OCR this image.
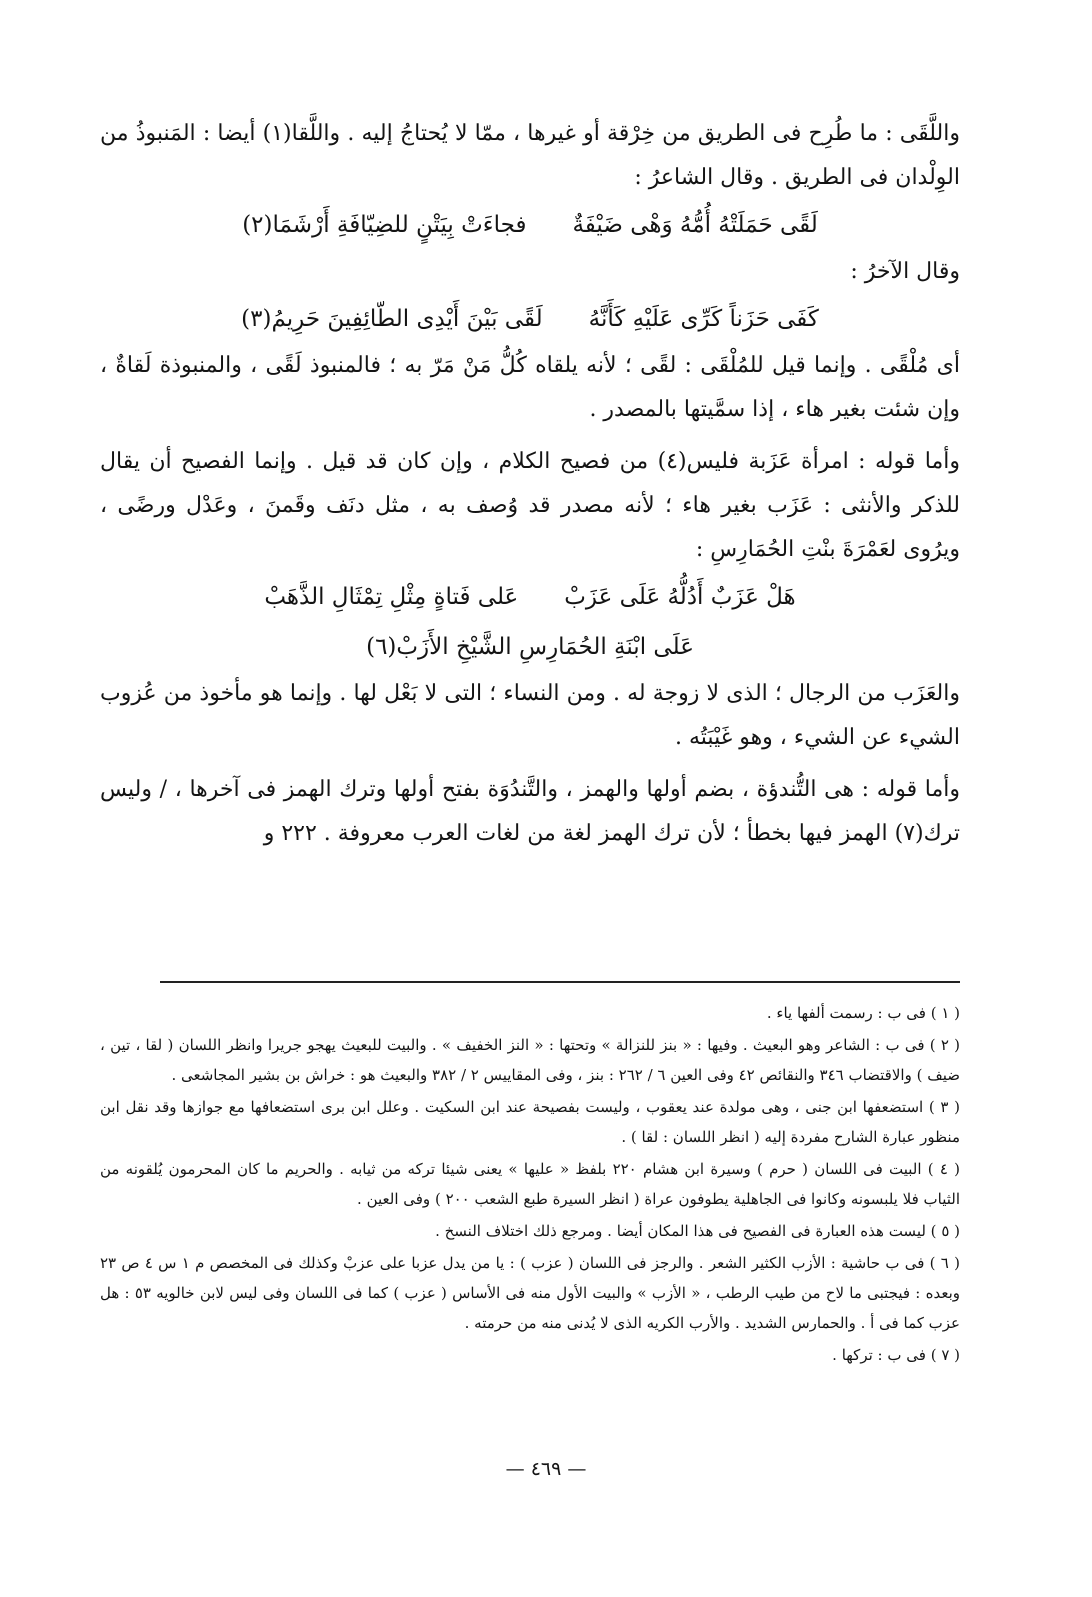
واللَّقَى : ما طُرِح فى الطريق من خِرْقة أو غيرها ، ممّا لا يُحتاجُ إليه . واللَّقا(١) أيضا : المَنبوذُ من الوِلْدان فى الطريق . وقال الشاعرُ :

لَقًى حَمَلَتْهُ أُمُّهُ وَهْى ضَيْفَةٌ
فجاءَتْ بِيَتْنٍ للضِيّافَةِ أَرْشَمَا(٢)

وقال الآخرُ :

كَفَى حَزَناً كَرِّى عَلَيْهِ كَأَنَّهُ
لَقًى بَيْنَ أَيْدِى الطّائِفِينَ حَرِيمُ(٣)

أى مُلْقًى . وإنما قيل للمُلْقَى : لقًى ؛ لأنه يلقاه كُلُّ مَنْ مَرّ به ؛ فالمنبوذ لَقًى ، والمنبوذة لَقاةٌ ، وإن شئت بغير هاء ، إذا سمَّيتها بالمصدر .

وأما قوله : امرأة عَزَبة فليس(٤) من فصيح الكلام ، وإن كان قد قيل . وإنما الفصيح أن يقال للذكر والأنثى : عَزَب بغير هاء ؛ لأنه مصدر قد وُصف به ، مثل دنَف وقَمنَ ، وعَدْل ورضًى ، ويرُوى لعَمْرَةَ بنْتِ الحُمَارِسِ :

هَلْ عَزَبٌ أَدُلُّهُ عَلَى عَزَبْ
عَلى فَتاةٍ مِثْلِ تِمْثَالِ الذَّهَبْ
عَلَى ابْنَةِ الحُمَارِسِ الشَّيْخِ الأَزَبْ(٦)

والعَزَب من الرجال ؛ الذى لا زوجة له . ومن النساء ؛ التى لا بَعْل لها . وإنما هو مأخوذ من عُزوب الشيء عن الشيء ، وهو غَيْبَتُه .

وأما قوله : هى التُّندؤة ، بضم أولها والهمز ، والتَّندُوَة بفتح أولها وترك الهمز فى آخرها ، / وليس ترك(٧) الهمز فيها بخطأ ؛ لأن ترك الهمز لغة من لغات العرب معروفة . ٢٢٢ و

( ١ ) فى ب : رسمت ألفها ياء .

( ٢ ) فى ب : الشاعر وهو البعيث . وفيها : « بنز للنزالة » وتحتها : « النز الخفيف » . والبيت للبعيث يهجو جريرا وانظر اللسان ( لقا ، تين ، ضيف ) والاقتضاب ٣٤٦ والنقائص ٤٢ وفى العين ٦ / ٢٦٢ : بنز ، وفى المقاييس ٢ / ٣٨٢ والبعيث هو : خراش بن بشير المجاشعى .

( ٣ ) استضعفها ابن جنى ، وهى مولدة عند يعقوب ، وليست بفصيحة عند ابن السكيت . وعلل ابن برى استضعافها مع جوازها وقد نقل ابن منظور عبارة الشارح مفردة إليه ( انظر اللسان : لقا ) .

( ٤ ) البيت فى اللسان ( حرم ) وسيرة ابن هشام ٢٢٠ بلفظ « عليها » يعنى شيئا تركه من ثيابه . والحريم ما كان المحرمون يُلقونه من الثياب فلا يلبسونه وكانوا فى الجاهلية يطوفون عراة ( انظر السيرة طبع الشعب ٢٠٠ ) وفى العين .

( ٥ ) ليست هذه العبارة فى الفصيح فى هذا المكان أيضا . ومرجع ذلك اختلاف النسخ .

( ٦ ) فى ب حاشية : الأزب الكثير الشعر . والرجز فى اللسان ( عزب ) : يا من يدل عزبا على عزبْ وكذلك فى المخصص م ١ س ٤ ص ٢٣ وبعده : فيجتبى ما لاح من طيب الرطب ، « الأزب » والبيت الأول منه فى الأساس ( عزب ) كما فى اللسان وفى ليس لابن خالويه ٥٣ : هل عزب كما فى أ . والحمارس الشديد . والأرب الكريه الذى لا يُدنى منه من حرمته .

( ٧ ) فى ب : تركها .

— ٤٦٩ —
